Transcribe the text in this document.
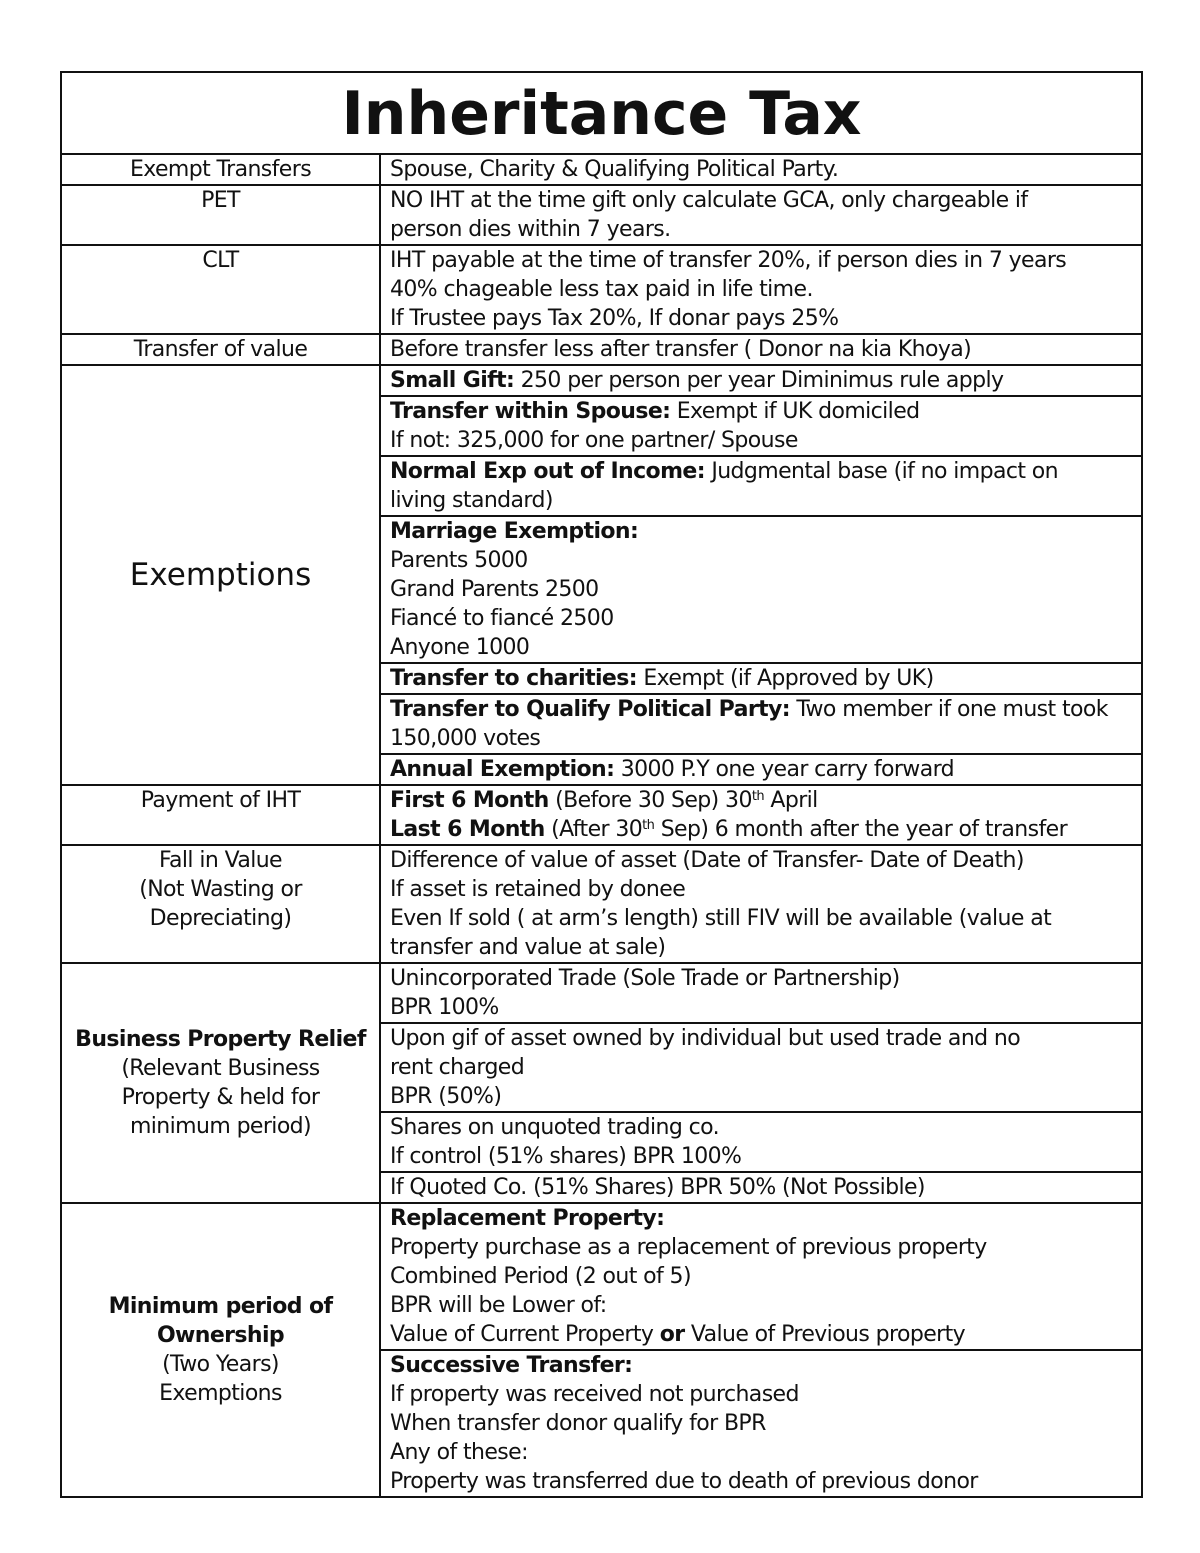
Inheritance Tax	
Exempt Transfers	Spouse, Charity & Qualifying Political Party.
PET	NO IHT at the time gift only calculate GCA, only chargeable if
person dies within 7 years.

CLT	IHT payable at the time of transfer 20%, if person dies in 7 years
40% chageable less tax paid in life time.
If Trustee pays Tax 20%, If donar pays 25%

Transfer of value	Before transfer less after transfer ( Donor na kia Khoya)
Exemptions	Small Gift: 250 per person per year Diminimus rule apply

	Transfer within Spouse: Exempt if UK domiciled
If not: 325,000 for one partner/ Spouse

	Normal Exp out of Income: Judgmental base (if no impact on
living standard)

	Marriage Exemption:
Parents 5000
Grand Parents 2500
Fiancé to fiancé 2500
Anyone 1000

	Transfer to charities: Exempt (if Approved by UK)

	Transfer to Qualify Political Party: Two member if one must took
150,000 votes

	Annual Exemption: 3000 P.Y one year carry forward

Payment of IHT	First 6 Month (Before 30 Sep) 30th April
Last 6 Month (After 30th Sep) 6 month after the year of transfer

Fall in Value
(Not Wasting or
Depreciating)	Difference of value of asset (Date of Transfer- Date of Death)
If asset is retained by donee
Even If sold ( at arm’s length) still FIV will be available (value at
transfer and value at sale)

Business Property Relief
(Relevant Business
Property & held for
minimum period)	Unincorporated Trade (Sole Trade or Partnership)
BPR 100%

	Upon gif of asset owned by individual but used trade and no
rent charged
BPR (50%)

	Shares on unquoted trading co.
If control (51% shares) BPR 100%

	If Quoted Co. (51% Shares) BPR 50% (Not Possible)

Minimum period of
Ownership
(Two Years)
Exemptions	Replacement Property:
Property purchase as a replacement of previous property
Combined Period (2 out of 5)
BPR will be Lower of:
Value of Current Property or Value of Previous property

	Successive Transfer:
If property was received not purchased
When transfer donor qualify for BPR
Any of these:
Property was transferred due to death of previous donor
